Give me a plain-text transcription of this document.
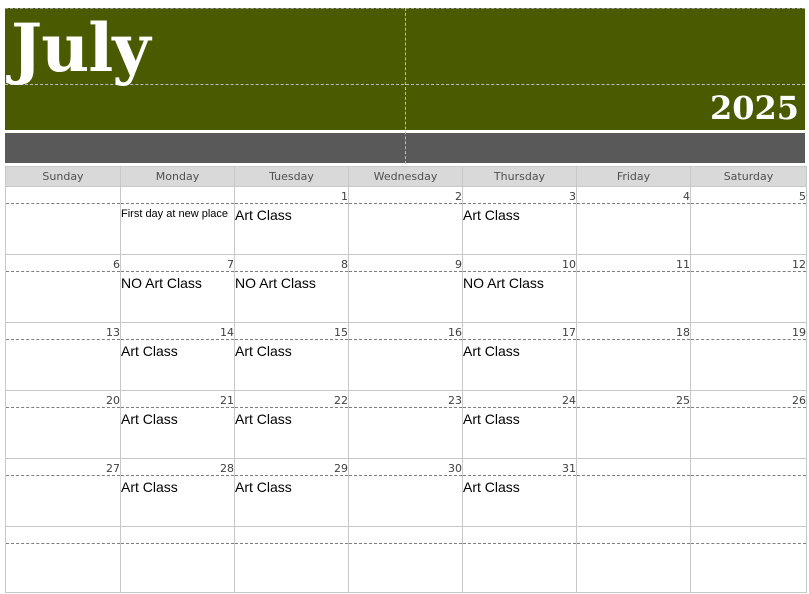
July
2025
Sunday	Monday	Tuesday	Wednesday	Thursday	Friday	Saturday
		1	2	3	4	5

	First day at new place	Art Class		Art Class		

6	7	8	9	10	11	12

	NO Art Class	NO Art Class		NO Art Class		

13	14	15	16	17	18	19

	Art Class	Art Class		Art Class		

20	21	22	23	24	25	26

	Art Class	Art Class		Art Class		

27	28	29	30	31		

	Art Class	Art Class		Art Class		
